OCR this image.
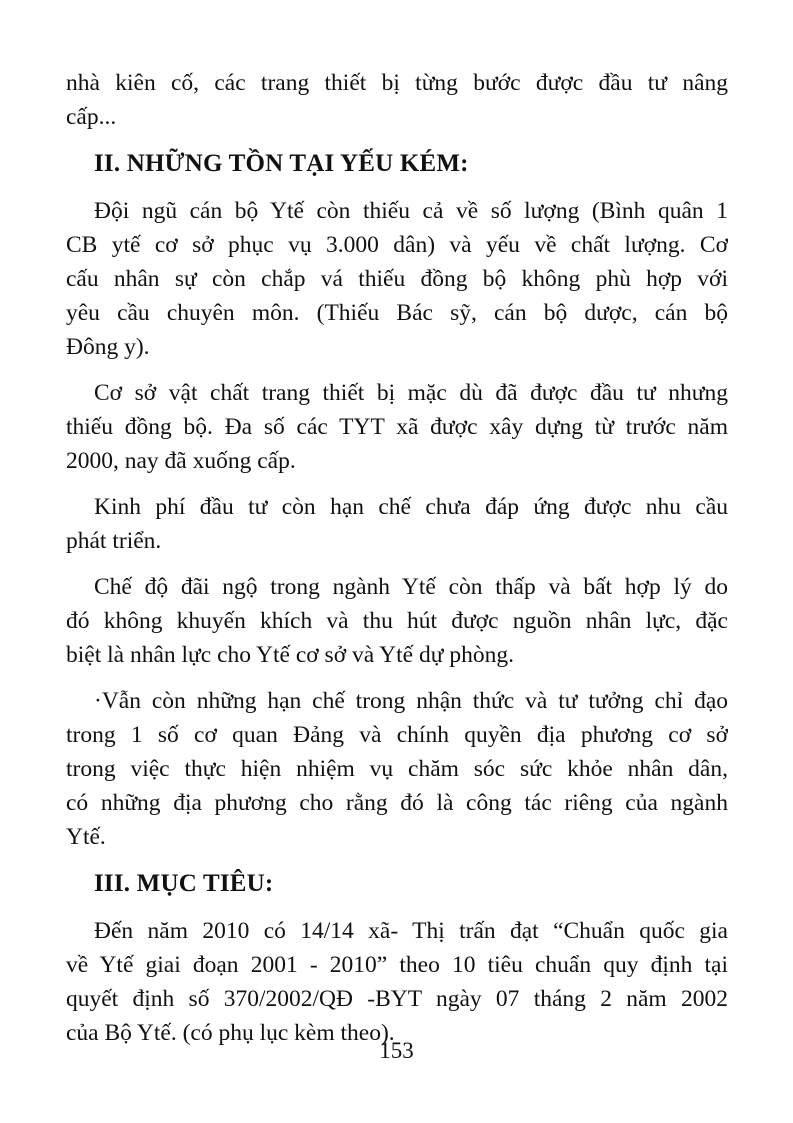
nhà kiên cố, các trang thiết bị từng bước được đầu tư nâng
cấp...
II. NHỮNG TỒN TẠI YẾU KÉM:
Đội ngũ cán bộ Ytế còn thiếu cả về số lượng (Bình quân 1
CB ytế cơ sở phục vụ 3.000 dân) và yếu về chất lượng. Cơ
cấu nhân sự còn chắp vá thiếu đồng bộ không phù hợp với
yêu cầu chuyên môn. (Thiếu Bác sỹ, cán bộ dược, cán bộ
Đông y).
Cơ sở vật chất trang thiết bị mặc dù đã được đầu tư nhưng
thiếu đồng bộ. Đa số các TYT xã được xây dựng từ trước năm
2000, nay đã xuống cấp.
Kinh phí đầu tư còn hạn chế chưa đáp ứng được nhu cầu
phát triển.
Chế độ đãi ngộ trong ngành Ytế còn thấp và bất hợp lý do
đó không khuyến khích và thu hút được nguồn nhân lực, đặc
biệt là nhân lực cho Ytế cơ sở và Ytế dự phòng.
·Vẫn còn những hạn chế trong nhận thức và tư tưởng chỉ đạo
trong 1 số cơ quan Đảng và chính quyền địa phương cơ sở
trong việc thực hiện nhiệm vụ chăm sóc sức khỏe nhân dân,
có những địa phương cho rằng đó là công tác riêng của ngành
Ytế.
III. MỤC TIÊU:
Đến năm 2010 có 14/14 xã- Thị trấn đạt “Chuẩn quốc gia
về Ytế giai đoạn 2001 - 2010” theo 10 tiêu chuẩn quy định tại
quyết định số 370/2002/QĐ -BYT ngày 07 tháng 2 năm 2002
của Bộ Ytế. (có phụ lục kèm theo).
153
